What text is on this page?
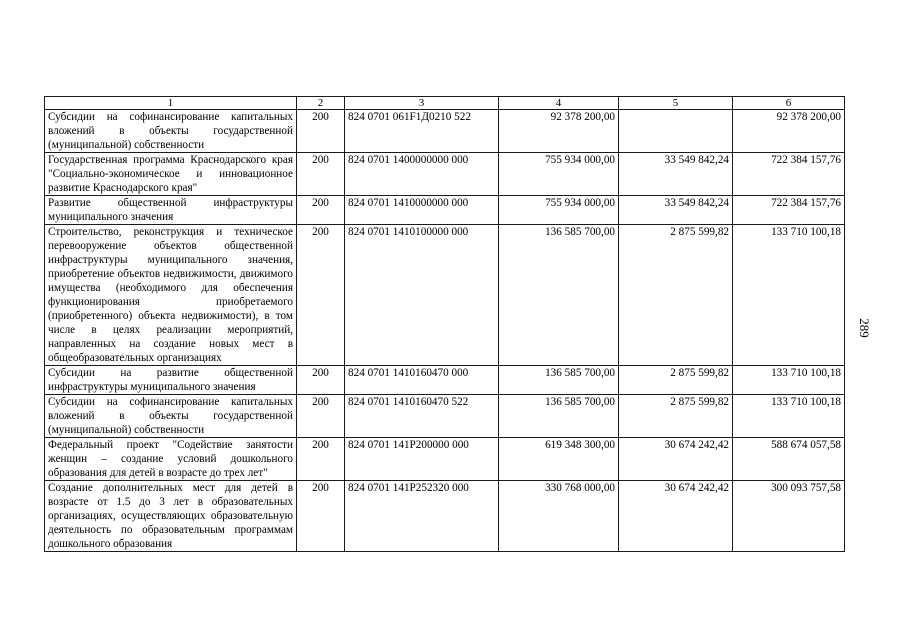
1	2	3	4	5	6
Субсидии на софинансирование капитальных вложений в объекты государственной (муниципальной) собственности	200	824 0701 061F1Д0210 522	92 378 200,00		92 378 200,00
Государственная программа Краснодарского края "Социально-экономическое и инновационное развитие Краснодарского края"	200	824 0701 1400000000 000	755 934 000,00	33 549 842,24	722 384 157,76
Развитие общественной инфраструктуры муниципального значения	200	824 0701 1410000000 000	755 934 000,00	33 549 842,24	722 384 157,76
Строительство, реконструкция и техническое перевооружение объектов общественной инфраструктуры муниципального значения, приобретение объектов недвижимости, движимого имущества (необходимого для обеспечения функционирования приобретаемого (приобретенного) объекта недвижимости), в том числе в целях реализации мероприятий, направленных на создание новых мест в общеобразовательных организациях	200	824 0701 1410100000 000	136 585 700,00	2 875 599,82	133 710 100,18
Субсидии на развитие общественной инфраструктуры муниципального значения	200	824 0701 1410160470 000	136 585 700,00	2 875 599,82	133 710 100,18
Субсидии на софинансирование капитальных вложений в объекты государственной (муниципальной) собственности	200	824 0701 1410160470 522	136 585 700,00	2 875 599,82	133 710 100,18
Федеральный проект "Содействие занятости женщин – создание условий дошкольного образования для детей в возрасте до трех лет"	200	824 0701 141P200000 000	619 348 300,00	30 674 242,42	588 674 057,58
Создание дополнительных мест для детей в возрасте от 1.5 до 3 лет в образовательных организациях, осуществляющих образовательную деятельность по образовательным программам дошкольного образования	200	824 0701 141P252320 000	330 768 000,00	30 674 242,42	300 093 757,58
289
